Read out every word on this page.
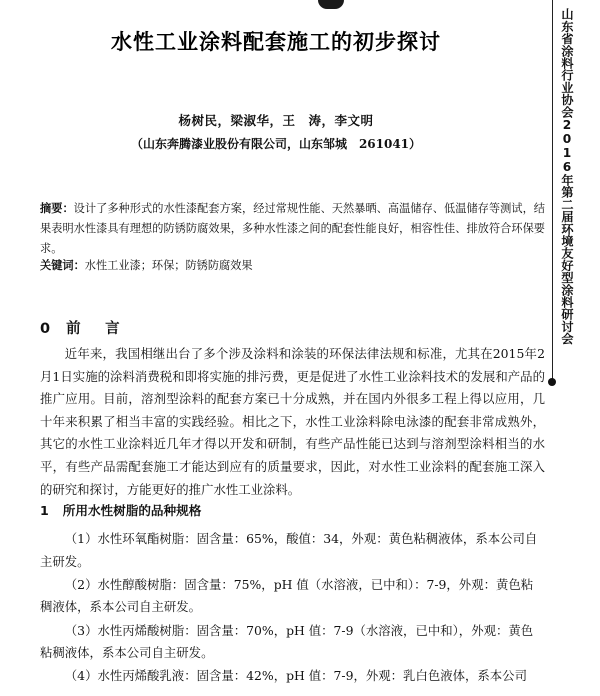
山东省涂料行业协会2016年第二届环境友好型涂料研讨会
水性工业涂料配套施工的初步探讨
杨树民，梁淑华，王　涛，李文明
（山东奔腾漆业股份有限公司，山东邹城　261041）
摘要：设计了多种形式的水性漆配套方案，经过常规性能、天然暴晒、高温储存、低温储存等测试，结果表明水性漆具有理想的防锈防腐效果，多种水性漆之间的配套性能良好，相容性佳、排放符合环保要求。
关键词：水性工业漆；环保；防锈防腐效果
0 前　言

近年来，我国相继出台了多个涉及涂料和涂装的环保法律法规和标准，尤其在2015年2月1日实施的涂料消费税和即将实施的排污费，更是促进了水性工业涂料技术的发展和产品的推广应用。目前，溶剂型涂料的配套方案已十分成熟，并在国内外很多工程上得以应用，几十年来积累了相当丰富的实践经验。相比之下，水性工业涂料除电泳漆的配套非常成熟外，其它的水性工业涂料近几年才得以开发和研制，有些产品性能已达到与溶剂型涂料相当的水平，有些产品需配套施工才能达到应有的质量要求，因此，对水性工业涂料的配套施工深入的研究和探讨，方能更好的推广水性工业涂料。

1 所用水性树脂的品种规格

（1）水性环氧酯树脂：固含量：65%，酸值：34，外观：黄色粘稠液体，系本公司自主研发。

（2）水性醇酸树脂：固含量：75%，pH 值（水溶液，已中和）：7-9，外观：黄色粘稠液体，系本公司自主研发。

（3）水性丙烯酸树脂：固含量：70%，pH 值：7-9（水溶液，已中和），外观：黄色粘稠液体，系本公司自主研发。

（4）水性丙烯酸乳液：固含量：42%，pH 值：7-9，外观：乳白色液体，系本公司
